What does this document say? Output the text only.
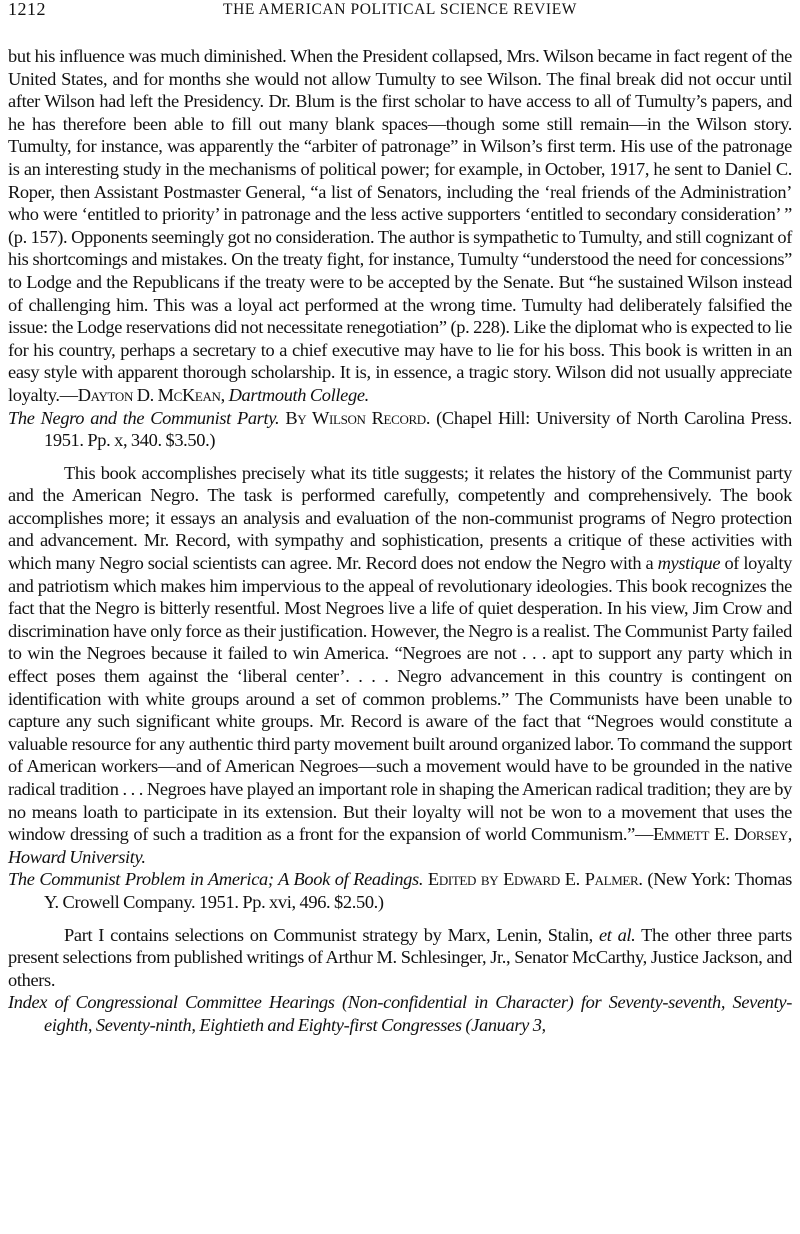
1212	THE AMERICAN POLITICAL SCIENCE REVIEW

but his influence was much diminished. When the President collapsed, Mrs. Wilson became in fact regent of the United States, and for months she would not allow Tumulty to see Wilson. The final break did not occur until after Wilson had left the Presidency. Dr. Blum is the first scholar to have access to all of Tumulty’s papers, and he has therefore been able to fill out many blank spaces—though some still remain—in the Wilson story. Tumulty, for instance, was apparently the “arbiter of patronage” in Wilson’s first term. His use of the patronage is an interesting study in the mechanisms of political power; for example, in October, 1917, he sent to Daniel C. Roper, then Assistant Postmaster General, “a list of Senators, including the ‘real friends of the Administration’ who were ‘entitled to priority’ in patronage and the less active supporters ‘entitled to secondary consideration’ ” (p. 157). Opponents seemingly got no consideration. The author is sympathetic to Tumulty, and still cognizant of his shortcomings and mistakes. On the treaty fight, for instance, Tumulty “understood the need for concessions” to Lodge and the Republicans if the treaty were to be accepted by the Senate. But “he sustained Wilson instead of challenging him. This was a loyal act performed at the wrong time. Tumulty had deliberately falsified the issue: the Lodge reservations did not necessitate renegotiation” (p. 228). Like the diplomat who is expected to lie for his country, perhaps a secretary to a chief executive may have to lie for his boss. This book is written in an easy style with apparent thorough scholarship. It is, in essence, a tragic story. Wilson did not usually appreciate loyalty.—Dayton D. McKean, Dartmouth College.

The Negro and the Communist Party. By Wilson Record. (Chapel Hill: University of North Carolina Press. 1951. Pp. x, 340. $3.50.)

This book accomplishes precisely what its title suggests; it relates the history of the Communist party and the American Negro. The task is performed carefully, competently and comprehensively. The book accomplishes more; it essays an analysis and evaluation of the non-communist programs of Negro protection and advancement. Mr. Record, with sympathy and sophistication, presents a critique of these activities with which many Negro social scientists can agree. Mr. Record does not endow the Negro with a mystique of loyalty and patriotism which makes him impervious to the appeal of revolutionary ideologies. This book recognizes the fact that the Negro is bitterly resentful. Most Negroes live a life of quiet desperation. In his view, Jim Crow and discrimination have only force as their justification. However, the Negro is a realist. The Communist Party failed to win the Negroes because it failed to win America. “Negroes are not . . . apt to support any party which in effect poses them against the ‘liberal center’. . . . Negro advancement in this country is contingent on identification with white groups around a set of common problems.” The Communists have been unable to capture any such significant white groups. Mr. Record is aware of the fact that “Negroes would constitute a valuable resource for any authentic third party movement built around organized labor. To command the support of American workers—and of American Negroes—such a movement would have to be grounded in the native radical tradition . . . Negroes have played an important role in shaping the American radical tradition; they are by no means loath to participate in its extension. But their loyalty will not be won to a movement that uses the window dressing of such a tradition as a front for the expansion of world Communism.”—Emmett E. Dorsey, Howard University.

The Communist Problem in America; A Book of Readings. Edited by Edward E. Palmer. (New York: Thomas Y. Crowell Company. 1951. Pp. xvi, 496. $2.50.)

Part I contains selections on Communist strategy by Marx, Lenin, Stalin, et al. The other three parts present selections from published writings of Arthur M. Schlesinger, Jr., Senator McCarthy, Justice Jackson, and others.

Index of Congressional Committee Hearings (Non-confidential in Character) for Seventy-seventh, Seventy-eighth, Seventy-ninth, Eightieth and Eighty-first Congresses (January 3,
